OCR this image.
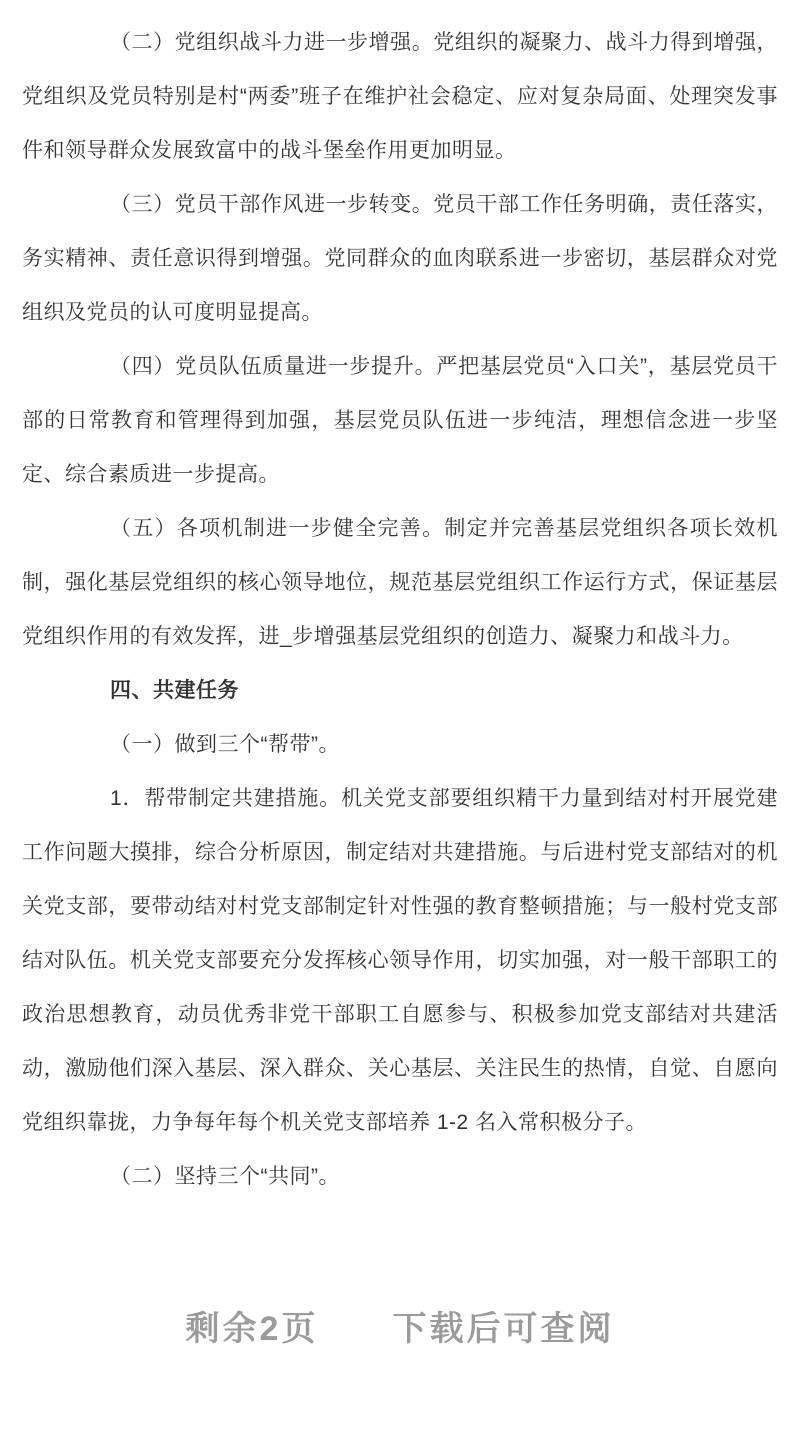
（二）党组织战斗力进一步增强。党组织的凝聚力、战斗力得到增强，党组织及党员特别是村“两委”班子在维护社会稳定、应对复杂局面、处理突发事件和领导群众发展致富中的战斗堡垒作用更加明显。

（三）党员干部作风进一步转变。党员干部工作任务明确，责任落实，务实精神、责任意识得到增强。党同群众的血肉联系进一步密切，基层群众对党组织及党员的认可度明显提高。

（四）党员队伍质量进一步提升。严把基层党员“入口关”，基层党员干部的日常教育和管理得到加强，基层党员队伍进一步纯洁，理想信念进一步坚定、综合素质进一步提高。

（五）各项机制进一步健全完善。制定并完善基层党组织各项长效机制，强化基层党组织的核心领导地位，规范基层党组织工作运行方式，保证基层党组织作用的有效发挥，进_步增强基层党组织的创造力、凝聚力和战斗力。

四、共建任务

（一）做到三个“帮带”。

1．帮带制定共建措施。机关党支部要组织精干力量到结对村开展党建工作问题大摸排，综合分析原因，制定结对共建措施。与后进村党支部结对的机关党支部，要带动结对村党支部制定针对性强的教育整顿措施；与一般村党支部结对队伍。机关党支部要充分发挥核心领导作用，切实加强，对一般干部职工的政治思想教育，动员优秀非党干部职工自愿参与、积极参加党支部结对共建活动，激励他们深入基层、深入群众、关心基层、关注民生的热情，自觉、自愿向党组织靠拢，力争每年每个机关党支部培养 1-2 名入常积极分子。

（二）坚持三个“共同”。

剩余2页　　下载后可查阅
